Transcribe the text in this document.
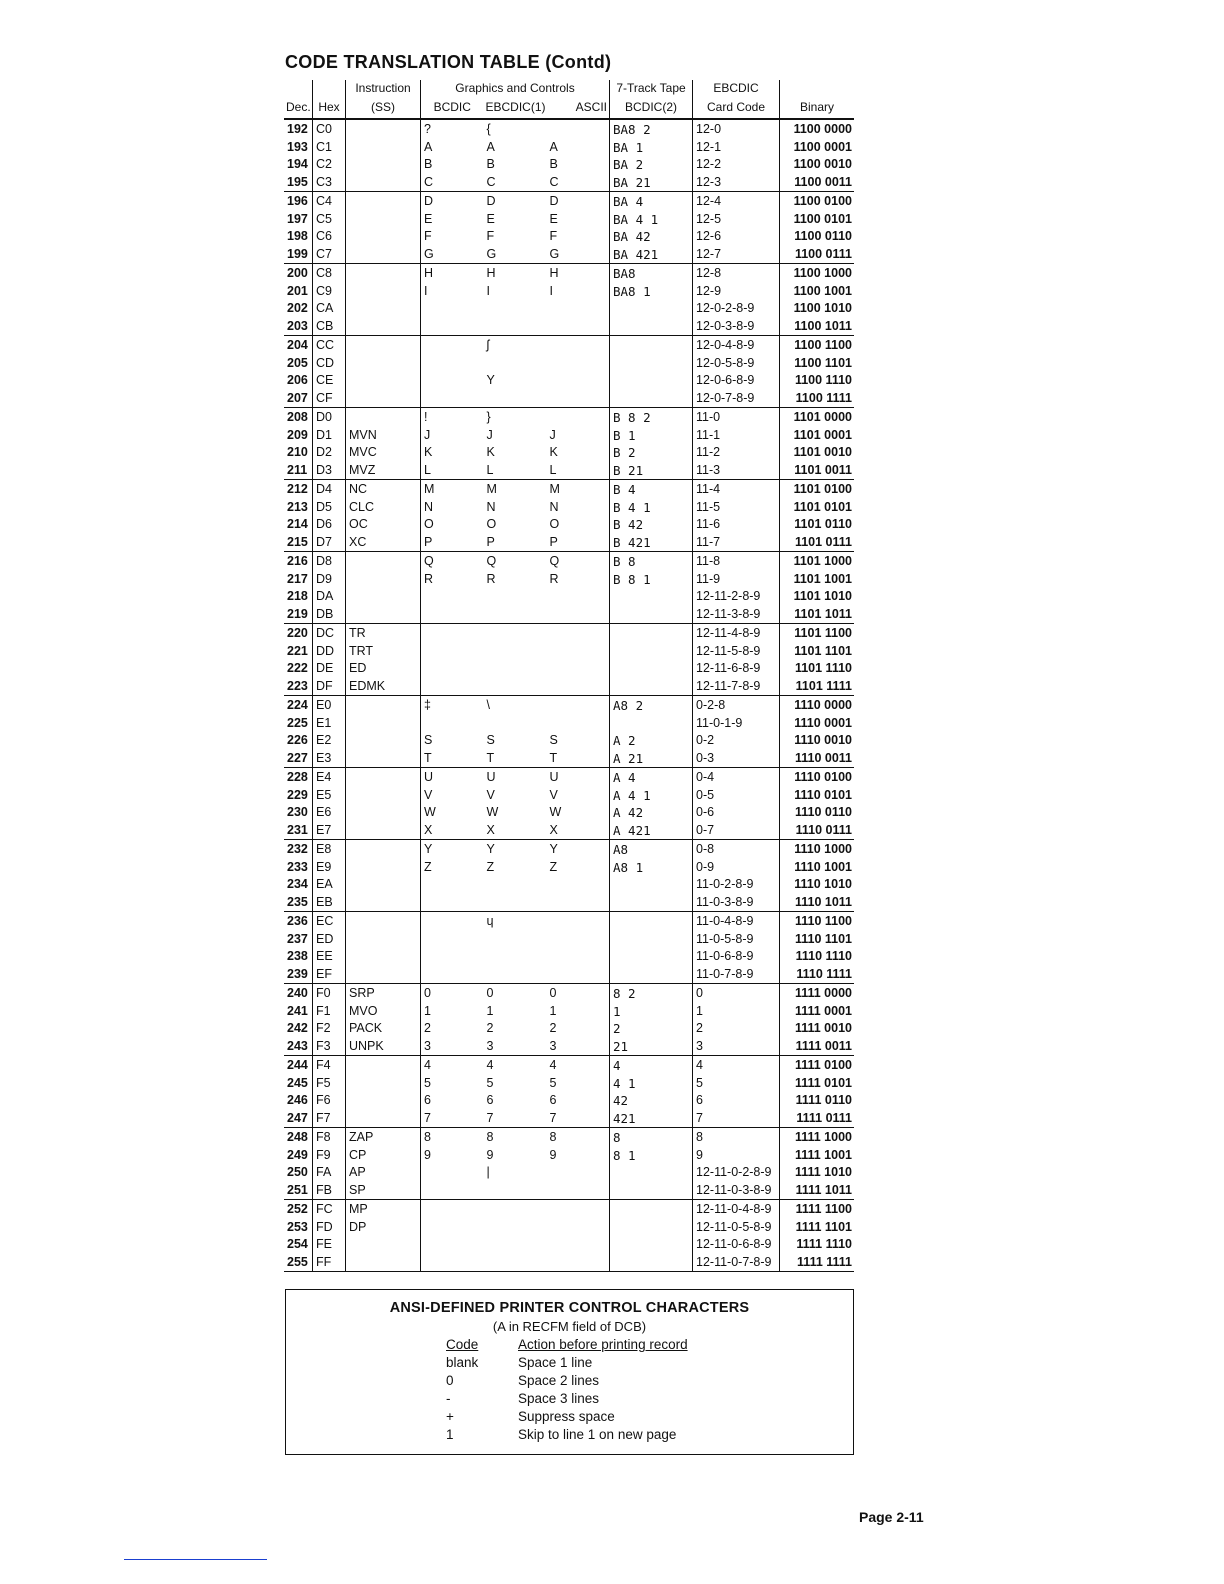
CODE TRANSLATION TABLE (Contd)
		Instruction	Graphics and Controls			7-Track Tape	EBCDIC	
Dec.	Hex	(SS)	BCDIC	EBCDIC(1)	ASCII	BCDIC(2)	Card Code	Binary
192	C0		?	{		BA8 2	12-0	1100 0000
193	C1		A	A	A	BA 1	12-1	1100 0001
194	C2		B	B	B	BA 2	12-2	1100 0010
195	C3		C	C	C	BA 21	12-3	1100 0011
196	C4		D	D	D	BA 4	12-4	1100 0100
197	C5		E	E	E	BA 4 1	12-5	1100 0101
198	C6		F	F	F	BA 42	12-6	1100 0110
199	C7		G	G	G	BA 421	12-7	1100 0111
200	C8		H	H	H	BA8	12-8	1100 1000
201	C9		I	I	I	BA8 1	12-9	1100 1001
202	CA						12-0-2-8-9	1100 1010
203	CB						12-0-3-8-9	1100 1011
204	CC			ʃ			12-0-4-8-9	1100 1100
205	CD						12-0-5-8-9	1100 1101
206	CE			Y			12-0-6-8-9	1100 1110
207	CF						12-0-7-8-9	1100 1111
208	D0		!	}		B 8 2	11-0	1101 0000
209	D1	MVN	J	J	J	B 1	11-1	1101 0001
210	D2	MVC	K	K	K	B 2	11-2	1101 0010
211	D3	MVZ	L	L	L	B 21	11-3	1101 0011
212	D4	NC	M	M	M	B 4	11-4	1101 0100
213	D5	CLC	N	N	N	B 4 1	11-5	1101 0101
214	D6	OC	O	O	O	B 42	11-6	1101 0110
215	D7	XC	P	P	P	B 421	11-7	1101 0111
216	D8		Q	Q	Q	B 8	11-8	1101 1000
217	D9		R	R	R	B 8 1	11-9	1101 1001
218	DA						12-11-2-8-9	1101 1010
219	DB						12-11-3-8-9	1101 1011
220	DC	TR					12-11-4-8-9	1101 1100
221	DD	TRT					12-11-5-8-9	1101 1101
222	DE	ED					12-11-6-8-9	1101 1110
223	DF	EDMK					12-11-7-8-9	1101 1111
224	E0		‡	\		A8 2	0-2-8	1110 0000
225	E1						11-0-1-9	1110 0001
226	E2		S	S	S	A 2	0-2	1110 0010
227	E3		T	T	T	A 21	0-3	1110 0011
228	E4		U	U	U	A 4	0-4	1110 0100
229	E5		V	V	V	A 4 1	0-5	1110 0101
230	E6		W	W	W	A 42	0-6	1110 0110
231	E7		X	X	X	A 421	0-7	1110 0111
232	E8		Y	Y	Y	A8	0-8	1110 1000
233	E9		Z	Z	Z	A8 1	0-9	1110 1001
234	EA						11-0-2-8-9	1110 1010
235	EB						11-0-3-8-9	1110 1011
236	EC			ɥ			11-0-4-8-9	1110 1100
237	ED						11-0-5-8-9	1110 1101
238	EE						11-0-6-8-9	1110 1110
239	EF						11-0-7-8-9	1110 1111
240	F0	SRP	0	0	0	8 2	0	1111 0000
241	F1	MVO	1	1	1	1	1	1111 0001
242	F2	PACK	2	2	2	2	2	1111 0010
243	F3	UNPK	3	3	3	21	3	1111 0011
244	F4		4	4	4	4	4	1111 0100
245	F5		5	5	5	4 1	5	1111 0101
246	F6		6	6	6	42	6	1111 0110
247	F7		7	7	7	421	7	1111 0111
248	F8	ZAP	8	8	8	8	8	1111 1000
249	F9	CP	9	9	9	8 1	9	1111 1001
250	FA	AP		|			12-11-0-2-8-9	1111 1010
251	FB	SP					12-11-0-3-8-9	1111 1011
252	FC	MP					12-11-0-4-8-9	1111 1100
253	FD	DP					12-11-0-5-8-9	1111 1101
254	FE						12-11-0-6-8-9	1111 1110
255	FF						12-11-0-7-8-9	1111 1111
ANSI-DEFINED PRINTER CONTROL CHARACTERS
(A in RECFM field of DCB)
Code	Action before printing record
blank	Space 1 line
0	Space 2 lines
-	Space 3 lines
+	Suppress space
1	Skip to line 1 on new page
Page 2-11
